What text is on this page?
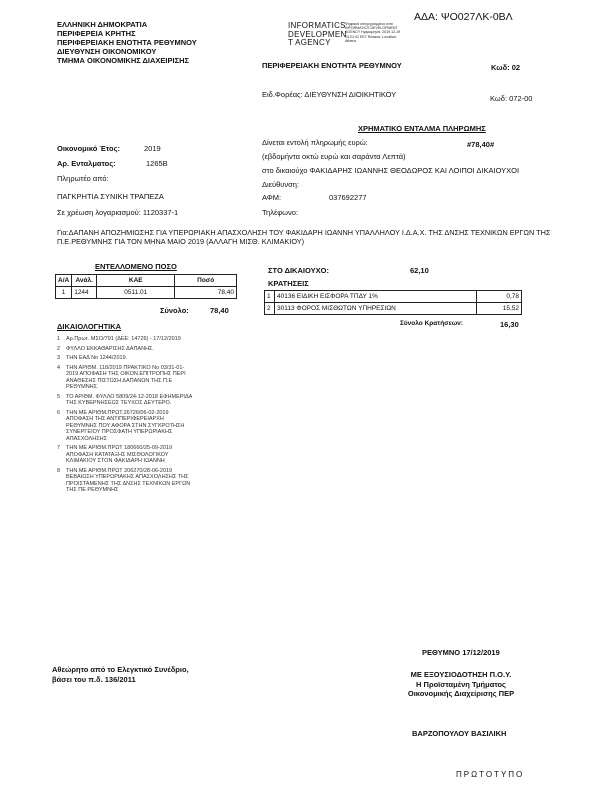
ΑΔΑ: ΨΟ027ΛΚ-0ΒΛ
ΕΛΛΗΝΙΚΗ ΔΗΜΟΚΡΑΤΙΑ
ΠΕΡΙΦΕΡΕΙΑ ΚΡΗΤΗΣ
ΠΕΡΙΦΕΡΕΙΑΚΗ ΕΝΟΤΗΤΑ ΡΕΘΥΜΝΟΥ
ΔΙΕΥΘΥΝΣΗ ΟΙΚΟΝΟΜΙΚΟΥ
ΤΜΗΜΑ ΟΙΚΟΝΟΜΙΚΗΣ ΔΙΑΧΕΙΡΙΣΗΣ
INFORMATICS
DEVELOPMEN
T AGENCY
Ψηφιακά υπογεγραμμένο από INFORMATICS DEVELOPMENT AGENCY Ημερομηνία: 2019.12.19 13:21:41 EET Reason: Location: Athens
ΠΕΡΙΦΕΡΕΙΑΚΗ ΕΝΟΤΗΤΑ ΡΕΘΥΜΝΟΥ	Κωδ: 02
Ειδ.Φορέας: ΔΙΕΥΘΥΝΣΗ ΔΙΟΙΚΗΤΙΚΟΥ	Κωδ: 072-00
ΧΡΗΜΑΤΙΚΟ ΕΝΤΑΛΜΑ ΠΛΗΡΩΜΗΣ
Οικονομικό Έτος:	2019
Αρ. Ενταλματος:	1265Β
Πληρωτέο από:
ΠΑΓΚΡΗΤΙΑ ΣΥΝΙΚΗ ΤΡΑΠΕΖΑ
Σε χρέωση λογαριασμού: 1120337-1
Δίνεται εντολή πληρωμής ευρώ:	#78,40#
(εβδομήντα οκτώ ευρώ και σαράντα Λεπτά)
στο δικαιούχο ΦΑΚΙΔΑΡΗΣ ΙΩΑΝΝΗΣ ΘΕΟΔΩΡΟΣ ΚΑΙ ΛΟΙΠΟΙ ΔΙΚΑΙΟΥΧΟΙ
Διεύθυνση:
ΑΦΜ:	037692277
Τηλέφωνο:
Για:ΔΑΠΑΝΗ ΑΠΟΖΗΜΙΩΣΗΣ ΓΙΑ ΥΠΕΡΩΡΙΑΚΗ ΑΠΑΣΧΟΛΗΣΗ ΤΟΥ ΦΑΚΙΔΑΡΗ ΙΩΑΝΝΗ ΥΠΑΛΛΗΛΟΥ Ι.Δ.Α.Χ. ΤΗΣ ΔΝΣΗΣ ΤΕΧΝΙΚΩΝ ΕΡΓΩΝ ΤΗΣ Π.Ε.ΡΕΘΥΜΝΗΣ ΓΙΑ ΤΟΝ ΜΗΝΑ ΜΑΙΟ 2019 (ΑΛΛΑΓΗ ΜΙΣΘ. ΚΛΙΜΑΚΙΟΥ)
ΕΝΤΕΛΛΟΜΕΝΟ ΠΟΣΟ
Α/Α	Ανάλ.	ΚΑΕ	Ποσό
1	1244	0511.01	78,40
Σύνολο:	78,40
ΣΤΟ ΔΙΚΑΙΟΥΧΟ:	62,10
ΚΡΑΤΗΣΕΙΣ
1	40136 ΕΙΔΙΚΗ ΕΙΣΦΟΡΑ ΤΠΔΥ 1%	0,78
2	30113 ΦΟΡΟΣ ΜΙΣΘΩΤΩΝ ΥΠΗΡΕΣΙΩΝ	15,52
Σύνολο Κρατήσεων:	16,30
ΔΙΚΑΙΟΛΟΓΗΤΙΚΑ
1 Αρ.Πρωτ. ΜΣΟ/791 (ΔΕΕ: 14726) - 17/12/2019
2 ΦΥΛΛΟ ΕΚΚΑΘΑΡΙΣΗΣ ΔΑΠΑΝΗΣ.
3 ΤΗΝ ΕΑΔ Νο 1244/2019.
4	ΤΗΝ ΑΡΙΘΜ. 118/2019 ΠΡΑΚΤΙΚΟ Νο 03/31-01-2019 ΑΠΟΦΑΣΗ ΤΗΣ ΟΙΚΟΝ.ΕΠΙΤΡΟΠΗΣ ΠΕΡΙ ΑΝΑΘΕΣΗΣ ΠΙΣΤΩΣΗ ΔΑΠΑΝΩΝ ΤΗΣ Π.Ε ΡΕΘΥΜΝΗΣ.
5	ΤΟ ΑΡΙΘΜ. ΦΥΛΛΟ 5809/24-12-2018 ΕΦΗΜΕΡΙΔΑ ΤΗΣ ΚΥΒΕΡΝΗΣΕΩΣ ΤΕΥΧΟΣ ΔΕΥΤΕΡΟ.
6	ΤΗΝ ΜΕ ΑΡΙΘΜ.ΠΡΩΤ.26726/06-02-2019 ΑΠΟΦΑΣΗ ΤΗΣ ΑΝΤΙΠΕΡΙΦΕΡΕΙΑΡΧΗ ΡΕΘΥΜΝΗΣ ΠΟΥ ΑΦΟΡΑ ΣΤΗΝ ΣΥΓΚΡΟΤΗΣΗ ΣΥΝΕΡΓΕΙΟΥ ΠΡΟΣΦΑΤΗ ΥΠΕΡΩΡΙΑΚΗΣ ΑΠΑΣΧΟΛΗΣΗΣ
7	ΤΗΝ ΜΕ ΑΡΙΘΜ.ΠΡΩΤ 180660/25-09-2019 ΑΠΟΦΑΣΗ ΚΑΤΑΤΑΞΗΣ ΜΙΣΘΟΛΟΓΙΚΟΥ ΚΛΙΜΑΚΙΟΥ ΣΤΟΝ ΦΑΚΙΔΑΡΗ ΙΩΑΝΝΗ
8	ΤΗΝ ΜΕ ΑΡΙΘΜ.ΠΡΩΤ 206270/28-06-2019 ΒΕΒΑΙΩΣΗ ΥΠΕΡΩΡΙΑΚΗΣ ΑΠΑΣΧΟΛΗΣΗΣ ΤΗΣ ΠΡΟΙΣΤΑΜΕΝΗΣ ΤΗΣ ΔΝΣΗΣ ΤΕΧΝΙΚΩΝ ΕΡΓΩΝ ΤΗΣ ΠΕ ΡΕΘΥΜΝΗΣ
Αθεώρητο από το Ελεγκτικό Συνέδριο,
βάσει του π.δ. 136/2011
ΡΕΘΥΜΝΟ 17/12/2019
ΜΕ ΕΞΟΥΣΙΟΔΟΤΗΣΗ Π.Ο.Υ.
Η Προϊσταμένη Τμήματος
Οικονομικής Διαχείρισης ΠΕΡ
ΒΑΡΖΟΠΟΥΛΟΥ ΒΑΣΙΛΙΚΗ
ΠΡΩΤΟΤΥΠΟ
